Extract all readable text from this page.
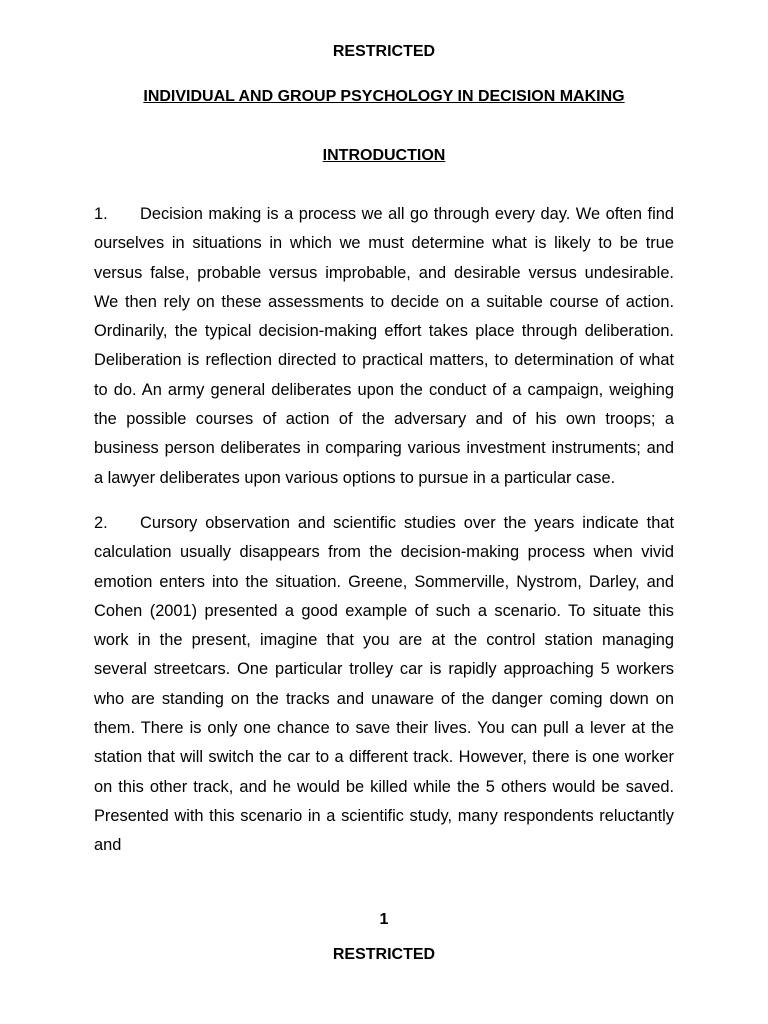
RESTRICTED
INDIVIDUAL AND GROUP PSYCHOLOGY IN DECISION MAKING
INTRODUCTION

1. Decision making is a process we all go through every day. We often find ourselves in situations in which we must determine what is likely to be true versus false, probable versus improbable, and desirable versus undesirable. We then rely on these assessments to decide on a suitable course of action. Ordinarily, the typical decision-making effort takes place through deliberation. Deliberation is reflection directed to practical matters, to determination of what to do. An army general deliberates upon the conduct of a campaign, weighing the possible courses of action of the adversary and of his own troops; a business person deliberates in comparing various investment instruments; and a lawyer deliberates upon various options to pursue in a particular case.

2. Cursory observation and scientific studies over the years indicate that calculation usually disappears from the decision-making process when vivid emotion enters into the situation. Greene, Sommerville, Nystrom, Darley, and Cohen (2001) presented a good example of such a scenario. To situate this work in the present, imagine that you are at the control station managing several streetcars. One particular trolley car is rapidly approaching 5 workers who are standing on the tracks and unaware of the danger coming down on them. There is only one chance to save their lives. You can pull a lever at the station that will switch the car to a different track. However, there is one worker on this other track, and he would be killed while the 5 others would be saved. Presented with this scenario in a scientific study, many respondents reluctantly and

1
RESTRICTED
